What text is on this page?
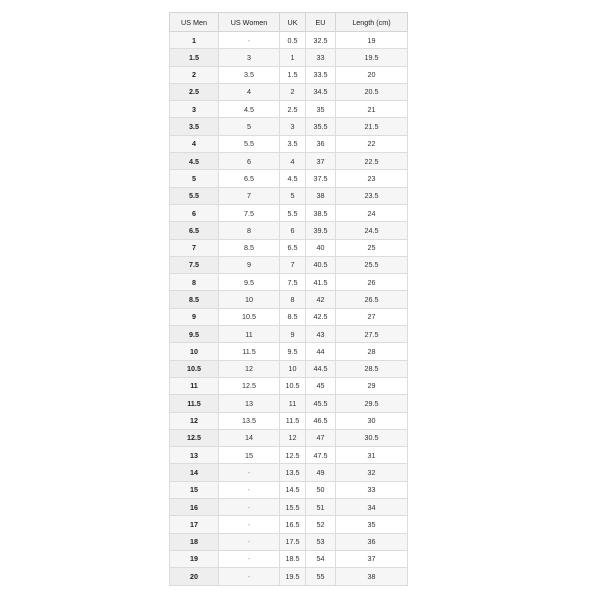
US Men	US Women	UK	EU	Length (cm)
1	-	0.5	32.5	19
1.5	3	1	33	19.5
2	3.5	1.5	33.5	20
2.5	4	2	34.5	20.5
3	4.5	2.5	35	21
3.5	5	3	35.5	21.5
4	5.5	3.5	36	22
4.5	6	4	37	22.5
5	6.5	4.5	37.5	23
5.5	7	5	38	23.5
6	7.5	5.5	38.5	24
6.5	8	6	39.5	24.5
7	8.5	6.5	40	25
7.5	9	7	40.5	25.5
8	9.5	7.5	41.5	26
8.5	10	8	42	26.5
9	10.5	8.5	42.5	27
9.5	11	9	43	27.5
10	11.5	9.5	44	28
10.5	12	10	44.5	28.5
11	12.5	10.5	45	29
11.5	13	11	45.5	29.5
12	13.5	11.5	46.5	30
12.5	14	12	47	30.5
13	15	12.5	47.5	31
14	-	13.5	49	32
15	-	14.5	50	33
16	-	15.5	51	34
17	-	16.5	52	35
18	-	17.5	53	36
19	-	18.5	54	37
20	-	19.5	55	38
